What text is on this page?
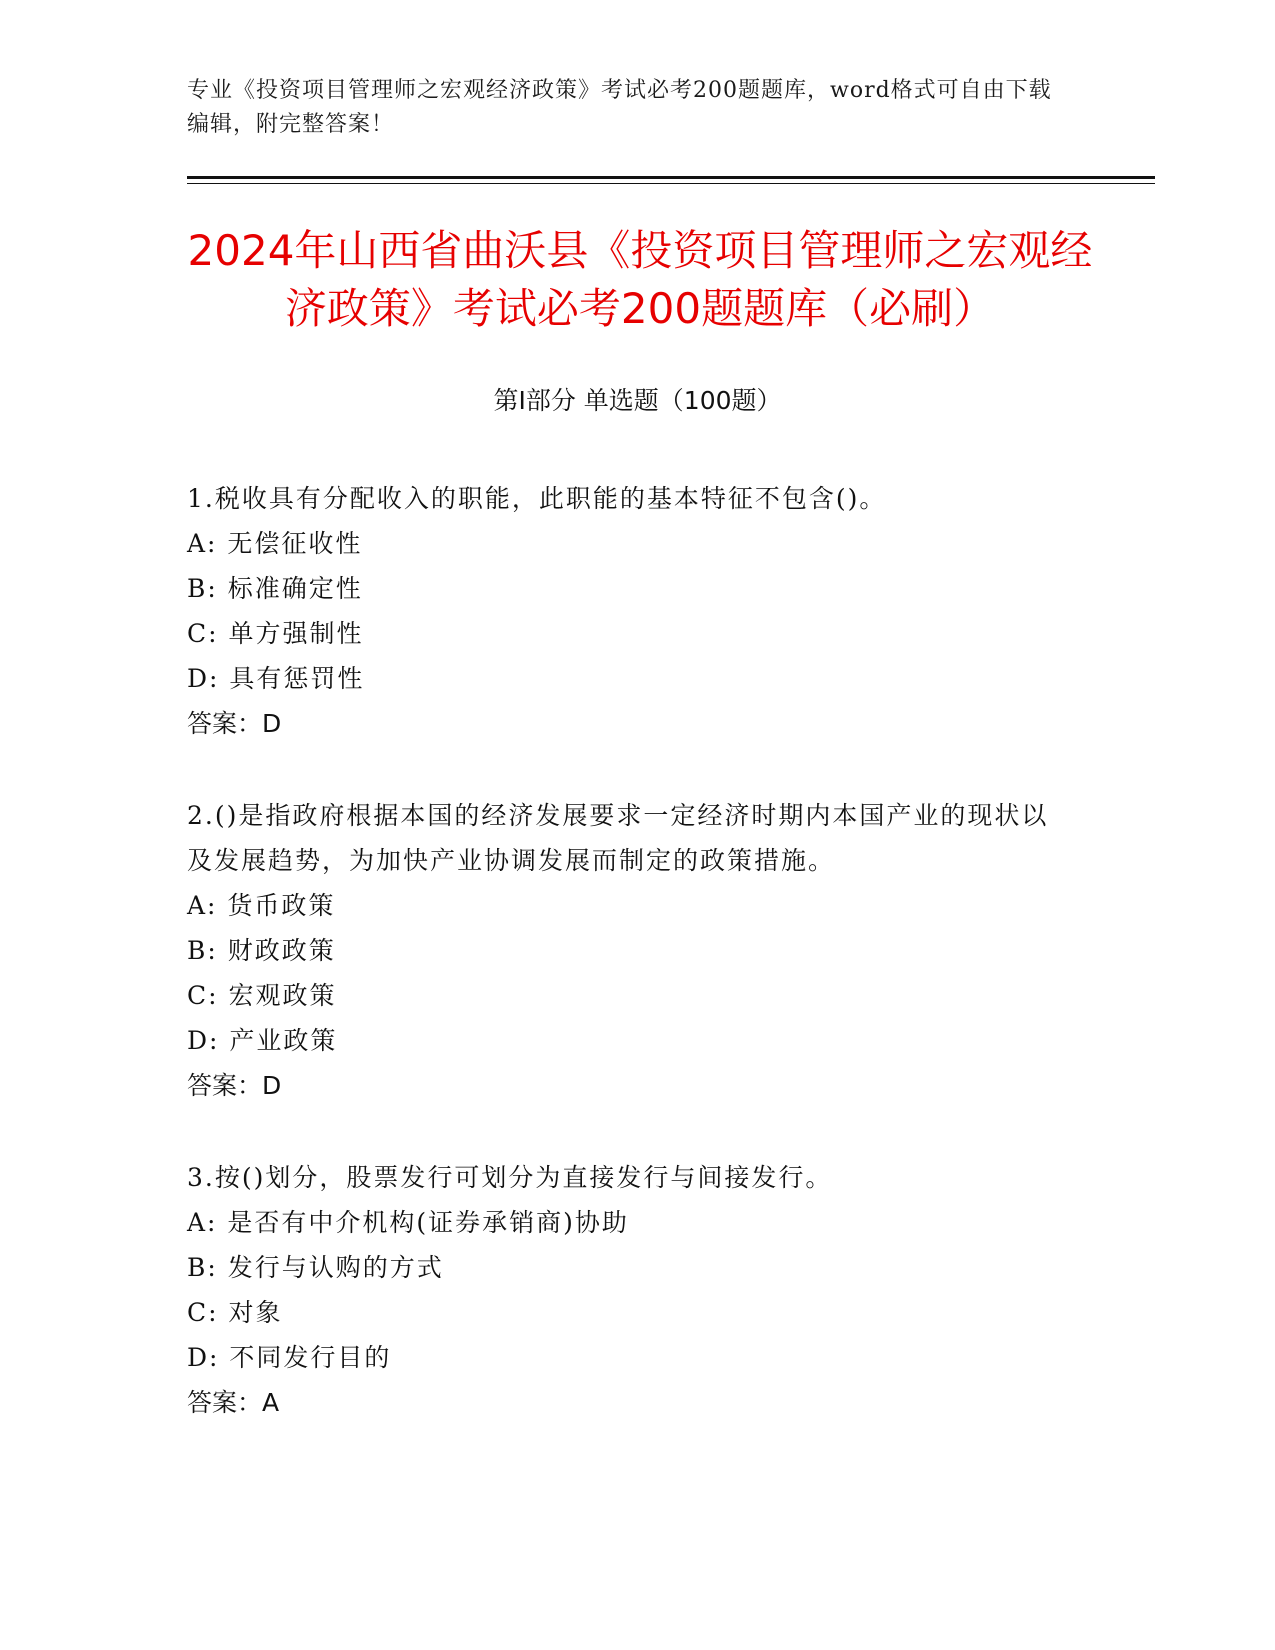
专业《投资项目管理师之宏观经济政策》考试必考200题题库，word格式可自由下载编辑，附完整答案！
2024年山西省曲沃县《投资项目管理师之宏观经济政策》考试必考200题题库（必刷）
第I部分 单选题（100题）

1.税收具有分配收入的职能，此职能的基本特征不包含()。

A: 无偿征收性

B: 标准确定性

C: 单方强制性

D: 具有惩罚性

答案：D

2.()是指政府根据本国的经济发展要求一定经济时期内本国产业的现状以及发展趋势，为加快产业协调发展而制定的政策措施。

A: 货币政策

B: 财政政策

C: 宏观政策

D: 产业政策

答案：D

3.按()划分，股票发行可划分为直接发行与间接发行。

A: 是否有中介机构(证券承销商)协助

B: 发行与认购的方式

C: 对象

D: 不同发行目的

答案：A
